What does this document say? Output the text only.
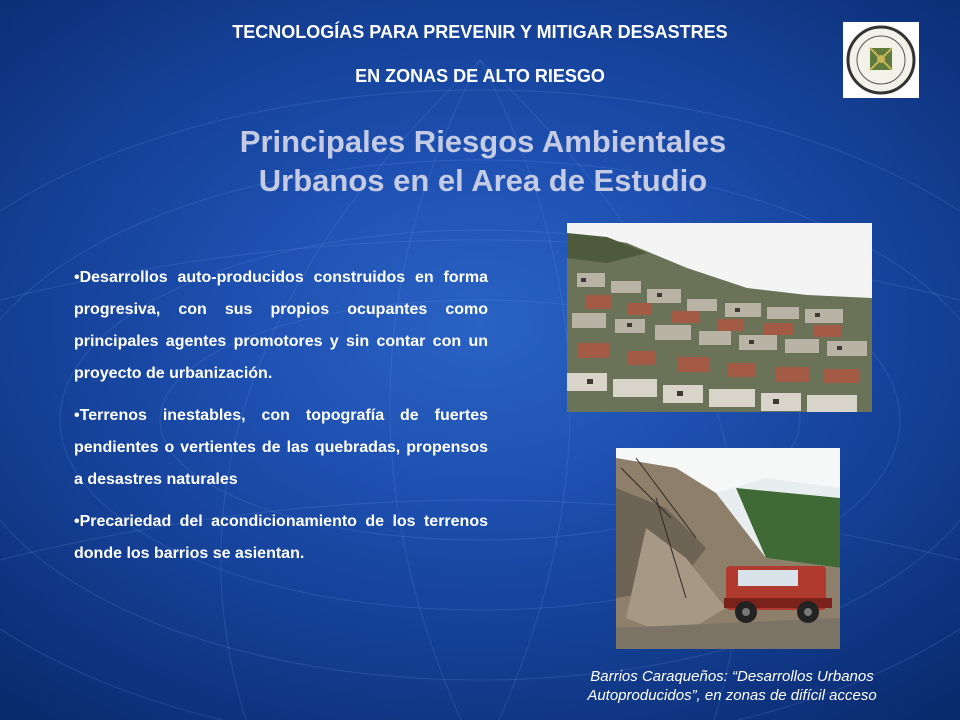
TECNOLOGÍAS PARA PREVENIR Y MITIGAR DESASTRES
EN ZONAS DE ALTO RIESGO
Principales Riesgos Ambientales
Urbanos en el Area de Estudio

•Desarrollos auto-producidos construidos en forma progresiva, con sus propios ocupantes como principales agentes promotores y sin contar con un proyecto de urbanización.

•Terrenos inestables, con topografía de fuertes pendientes o vertientes de las quebradas, propensos a desastres naturales

•Precariedad del acondicionamiento de los terrenos donde los barrios se asientan.

Barrios Caraqueños: “Desarrollos Urbanos
Autoproducidos”, en zonas de difícil acceso
